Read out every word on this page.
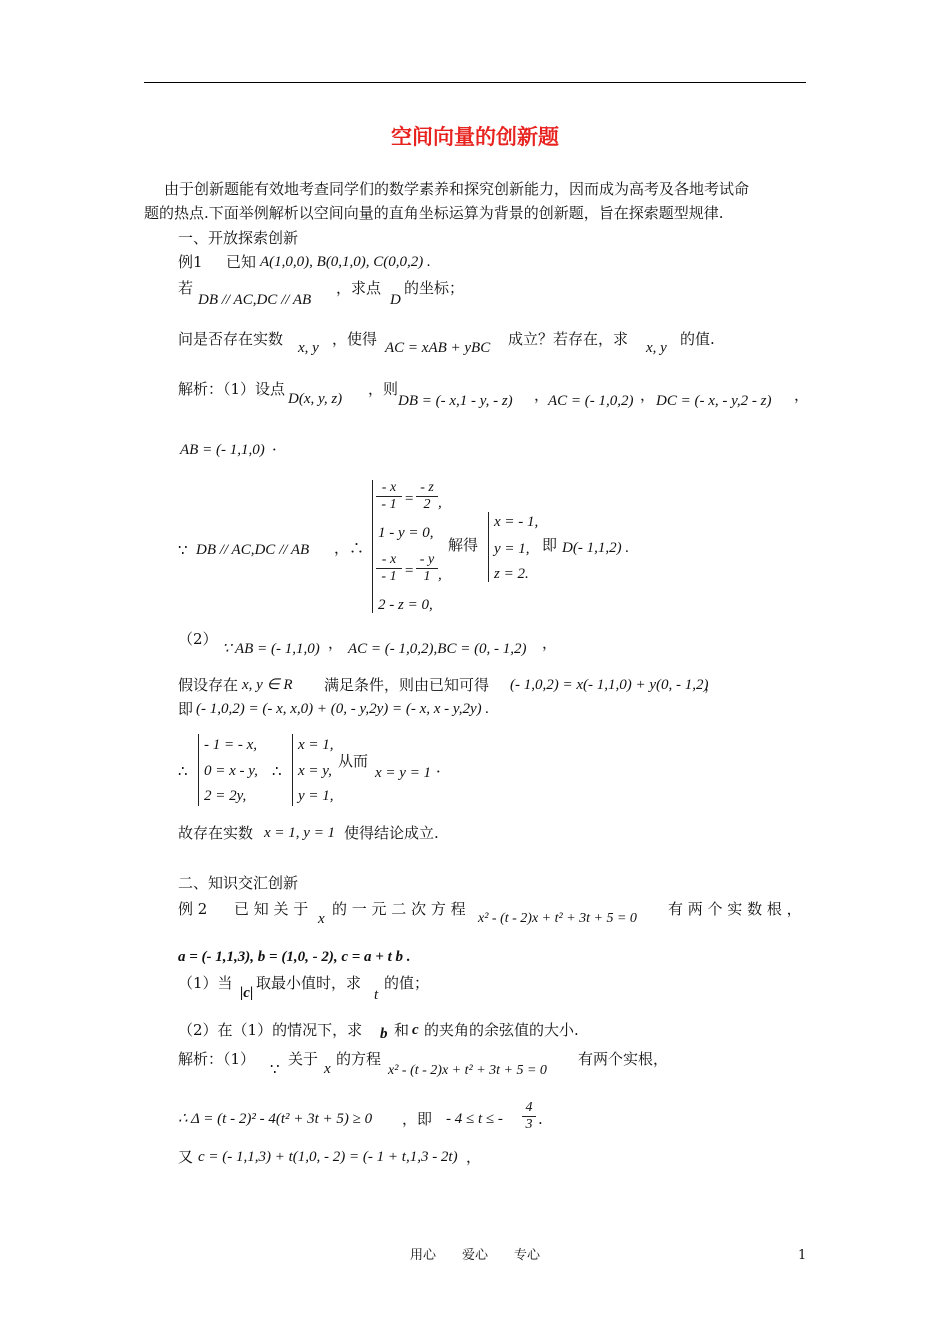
空间向量的创新题
由于创新题能有效地考查同学们的数学素养和探究创新能力，因而成为高考及各地考试命
题的热点.下面举例解析以空间向量的直角坐标运算为背景的创新题，旨在探索题型规律.
一、开放探索创新
例1 已知 A(1,0,0), B(0,1,0), C(0,0,2) .
若
DB // AC,DC // AB
，求点
D
的坐标；
问是否存在实数 x, y ，使得 AC = xAB + yBC 成立？若存在，求 x, y 的值.
解析：（1）设点
D(x, y, z)
，则
DB = (- x,1 - y, - z) ，
AC = (- 1,0,2) ， DC = (- x, - y,2 - z) ，
AB = (- 1,1,0) ．
∵ DB // AC,DC // AB ，∴
$\frac{- x}{- 1} = \frac{- z}{2}$ ,
1 - y = 0,
$\frac{- x}{- 1} = \frac{- y}{1}$ ,
2 - z = 0,
解得
x = - 1,
y = 1,
z = 2.
即 D(- 1,1,2) .
（2）
∵ AB = (- 1,1,0) ， AC = (- 1,0,2),BC = (0, - 1,2) ，
假设存在 x, y ∈ R 满足条件，则由已知可得 (- 1,0,2) = x(- 1,1,0) + y(0, - 1,2)
，
即 (- 1,0,2) = (- x, x,0) + (0, - y,2y) = (- x, x - y,2y) .
∴
- 1 = - x,
0 = x - y,
2 = 2y,
∴
x = 1,
x = y,
y = 1,
从而
x = y = 1 ．
故存在实数 x = 1, y = 1 使得结论成立.
二、知识交汇创新
例 2 已 知 关 于
x
的 一 元 二 次 方 程
x² - (t - 2)x + t² + 3t + 5 = 0
有 两 个 实 数 根 ，
a = (- 1,1,3), b = (1,0, - 2), c = a + t b .
（1）当
|c|
取最小值时，求
t
的值；
（2）在（1）的情况下，求 b 和 c 的夹角的余弦值的大小.
解析：（1）
∵
关于
x
的方程
x² - (t - 2)x + t² + 3t + 5 = 0
有两个实根，
∴ Δ = (t - 2)² - 4(t² + 3t + 5) ≥ 0 ，即 - 4 ≤ t ≤ - $\frac{4}{3}$ .
又 c = (- 1,1,3) + t(1,0, - 2) = (- 1 + t,1,3 - 2t) ，
用心　　爱心　　专心	1
